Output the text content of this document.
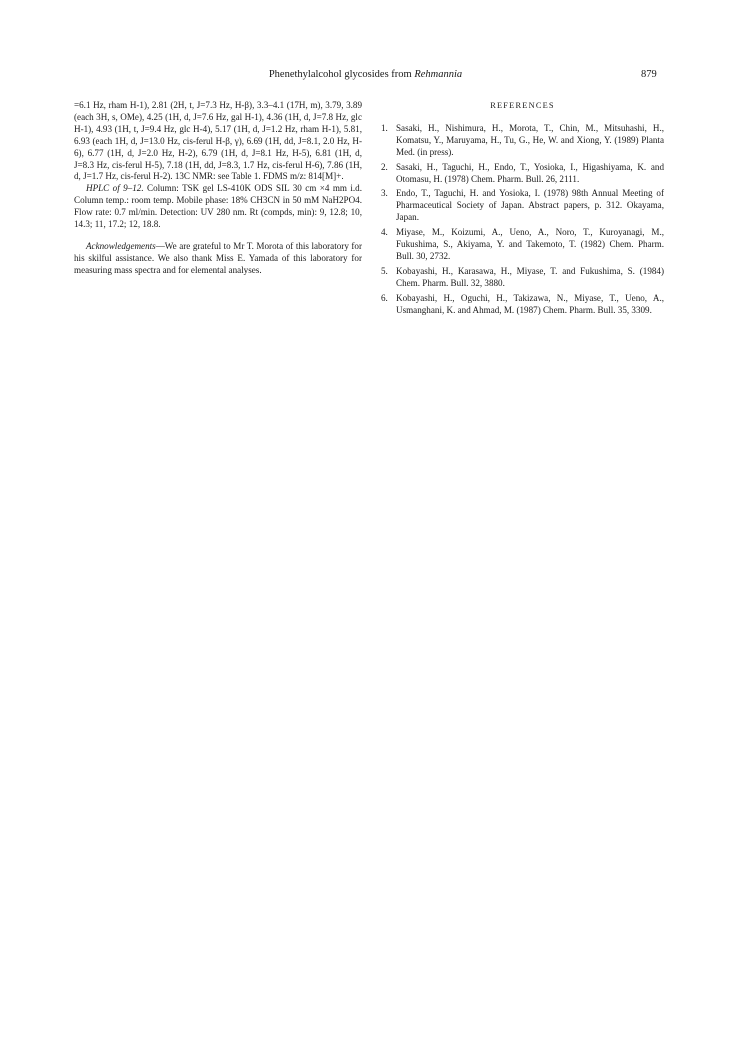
Phenethylalcohol glycosides from Rehmannia	879

=6.1 Hz, rham H-1), 2.81 (2H, t, J=7.3 Hz, H-β), 3.3–4.1 (17H, m), 3.79, 3.89 (each 3H, s, OMe), 4.25 (1H, d, J=7.6 Hz, gal H-1), 4.36 (1H, d, J=7.8 Hz, glc H-1), 4.93 (1H, t, J=9.4 Hz, glc H-4), 5.17 (1H, d, J=1.2 Hz, rham H-1), 5.81, 6.93 (each 1H, d, J=13.0 Hz, cis-ferul H-β, γ), 6.69 (1H, dd, J=8.1, 2.0 Hz, H-6), 6.77 (1H, d, J=2.0 Hz, H-2), 6.79 (1H, d, J=8.1 Hz, H-5), 6.81 (1H, d, J=8.3 Hz, cis-ferul H-5), 7.18 (1H, dd, J=8.3, 1.7 Hz, cis-ferul H-6), 7.86 (1H, d, J=1.7 Hz, cis-ferul H-2). 13C NMR: see Table 1. FDMS m/z: 814[M]+.

HPLC of 9–12. Column: TSK gel LS-410K ODS SIL 30 cm ×4 mm i.d. Column temp.: room temp. Mobile phase: 18% CH3CN in 50 mM NaH2PO4. Flow rate: 0.7 ml/min. Detection: UV 280 nm. Rt (compds, min): 9, 12.8; 10, 14.3; 11, 17.2; 12, 18.8.

Acknowledgements—We are grateful to Mr T. Morota of this laboratory for his skilful assistance. We also thank Miss E. Yamada of this laboratory for measuring mass spectra and for elemental analyses.

REFERENCES
1. Sasaki, H., Nishimura, H., Morota, T., Chin, M., Mitsuhashi, H., Komatsu, Y., Maruyama, H., Tu, G., He, W. and Xiong, Y. (1989) Planta Med. (in press).
2. Sasaki, H., Taguchi, H., Endo, T., Yosioka, I., Higashiyama, K. and Otomasu, H. (1978) Chem. Pharm. Bull. 26, 2111.
3. Endo, T., Taguchi, H. and Yosioka, I. (1978) 98th Annual Meeting of Pharmaceutical Society of Japan. Abstract papers, p. 312. Okayama, Japan.
4. Miyase, M., Koizumi, A., Ueno, A., Noro, T., Kuroyanagi, M., Fukushima, S., Akiyama, Y. and Takemoto, T. (1982) Chem. Pharm. Bull. 30, 2732.
5. Kobayashi, H., Karasawa, H., Miyase, T. and Fukushima, S. (1984) Chem. Pharm. Bull. 32, 3880.
6. Kobayashi, H., Oguchi, H., Takizawa, N., Miyase, T., Ueno, A., Usmanghani, K. and Ahmad, M. (1987) Chem. Pharm. Bull. 35, 3309.
